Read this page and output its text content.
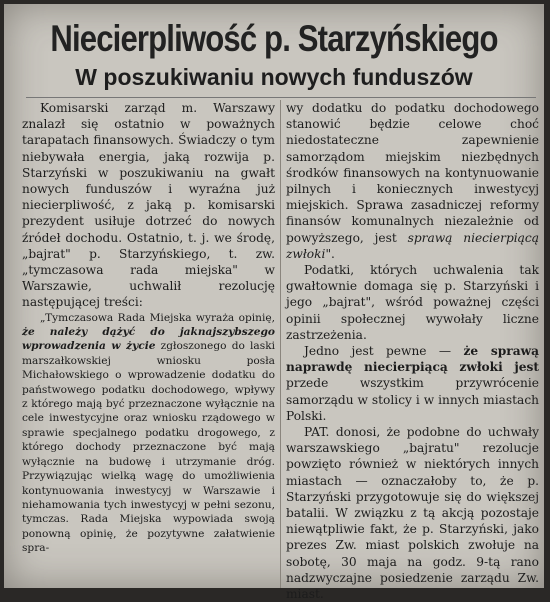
Niecierpliwość p. Starzyńskiego
W poszukiwaniu nowych funduszów

Komisarski zarząd m. Warszawy znalazł się ostatnio w poważnych tarapatach finansowych. Świadczy o tym niebywała energia, jaką rozwija p. Starzyński w poszukiwaniu na gwałt nowych funduszów i wyraźna już niecierpliwość, z jaką p. komisarski prezydent usiłuje dotrzeć do nowych źródeł dochodu. Ostatnio, t. j. we środę, „bajrat" p. Starzyńskiego, t. zw. „tymczasowa rada miejska" w Warszawie, uchwalił rezolucję następującej treści:

„Tymczasowa Rada Miejska wyraża opinię, że należy dążyć do jaknajszybszego wprowadzenia w życie zgłoszonego do laski marszałkowskiej wniosku posła Michałowskiego o wprowadzenie dodatku do państwowego podatku dochodowego, wpływy z którego mają być przeznaczone wyłącznie na cele inwestycyjne oraz wniosku rządowego w sprawie specjalnego podatku drogowego, z którego dochody przeznaczone być mają wyłącznie na budowę i utrzymanie dróg. Przywiązując wielką wagę do umożliwienia kontynuowania inwestycyj w Warszawie i niehamowania tych inwestycyj w pełni sezonu, tymczas. Rada Miejska wypowiada swoją ponowną opinię, że pozytywne załatwienie spra-

wy dodatku do podatku dochodowego stanowić będzie celowe choć niedostateczne zapewnienie samorządom miejskim niezbędnych środków finansowych na kontynuowanie pilnych i koniecznych inwestycyj miejskich. Sprawa zasadniczej reformy finansów komunalnych niezależnie od powyższego, jest sprawą niecierpiącą zwłoki".

Podatki, których uchwalenia tak gwałtownie domaga się p. Starzyński i jego „bajrat", wśród poważnej części opinii społecznej wywołały liczne zastrzeżenia.

Jedno jest pewne — że sprawą naprawdę niecierpiącą zwłoki jest przede wszystkim przywrócenie samorządu w stolicy i w innych miastach Polski.

PAT. donosi, że podobne do uchwały warszawskiego „bajratu" rezolucje powzięto również w niektórych innych miastach — oznaczałoby to, że p. Starzyński przygotowuje się do większej batalii. W związku z tą akcją pozostaje niewątpliwie fakt, że p. Starzyński, jako prezes Zw. miast polskich zwołuje na sobotę, 30 maja na godz. 9-tą rano nadzwyczajne posiedzenie zarządu Zw. miast.
